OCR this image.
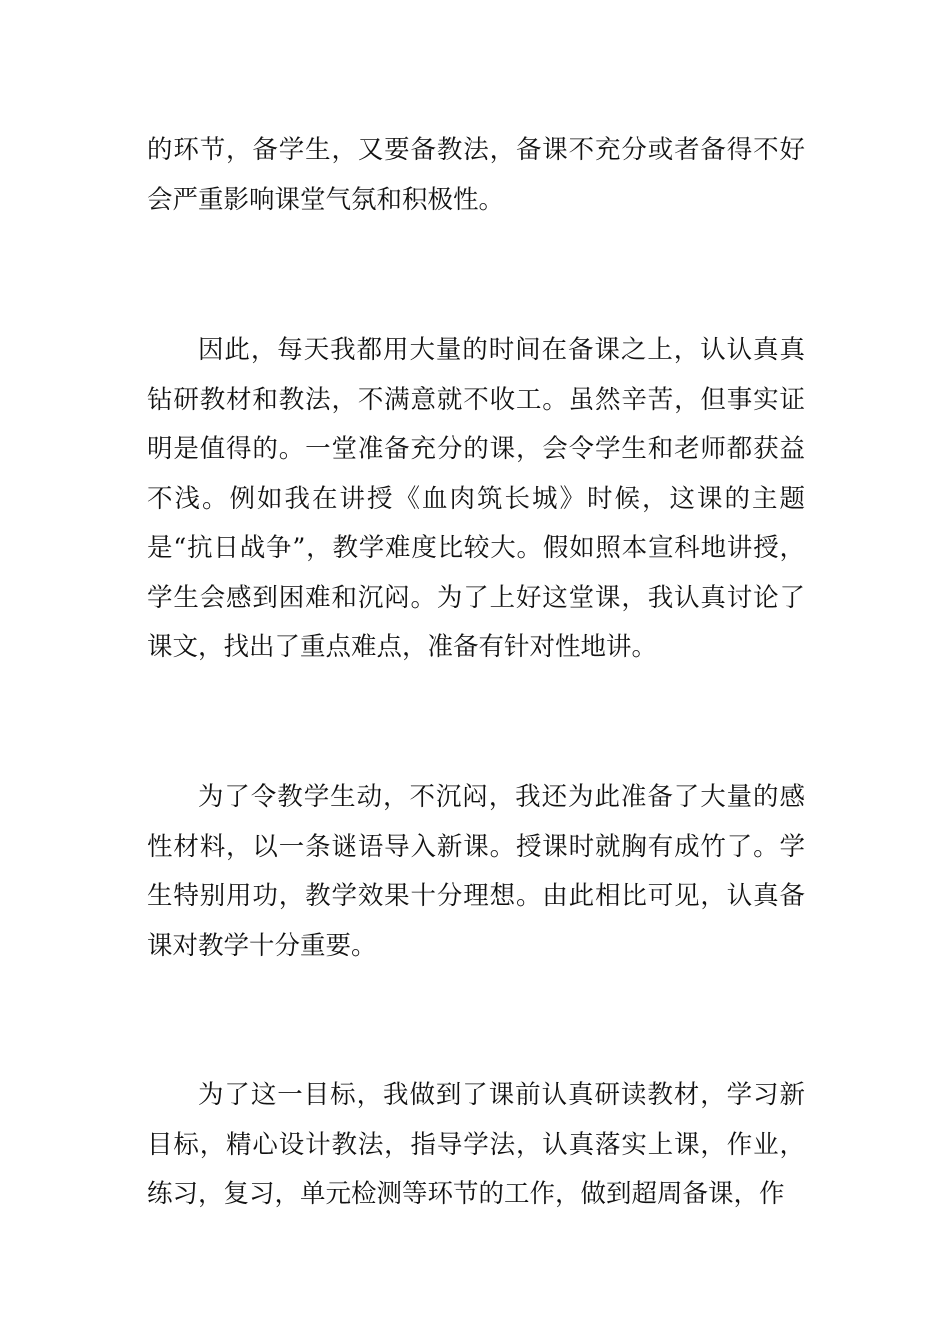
的环节，备学生，又要备教法，备课不充分或者备得不好会严重影响课堂气氛和积极性。

因此，每天我都用大量的时间在备课之上，认认真真钻研教材和教法，不满意就不收工。虽然辛苦，但事实证明是值得的。一堂准备充分的课，会令学生和老师都获益不浅。例如我在讲授《血肉筑长城》时候，这课的主题是“抗日战争”，教学难度比较大。假如照本宣科地讲授，学生会感到困难和沉闷。为了上好这堂课，我认真讨论了课文，找出了重点难点，准备有针对性地讲。

为了令教学生动，不沉闷，我还为此准备了大量的感性材料，以一条谜语导入新课。授课时就胸有成竹了。学生特别用功，教学效果十分理想。由此相比可见，认真备课对教学十分重要。

为了这一目标，我做到了课前认真研读教材，学习新目标，精心设计教法，指导学法，认真落实上课，作业，练习，复习，单元检测等环节的工作，做到超周备课，作
